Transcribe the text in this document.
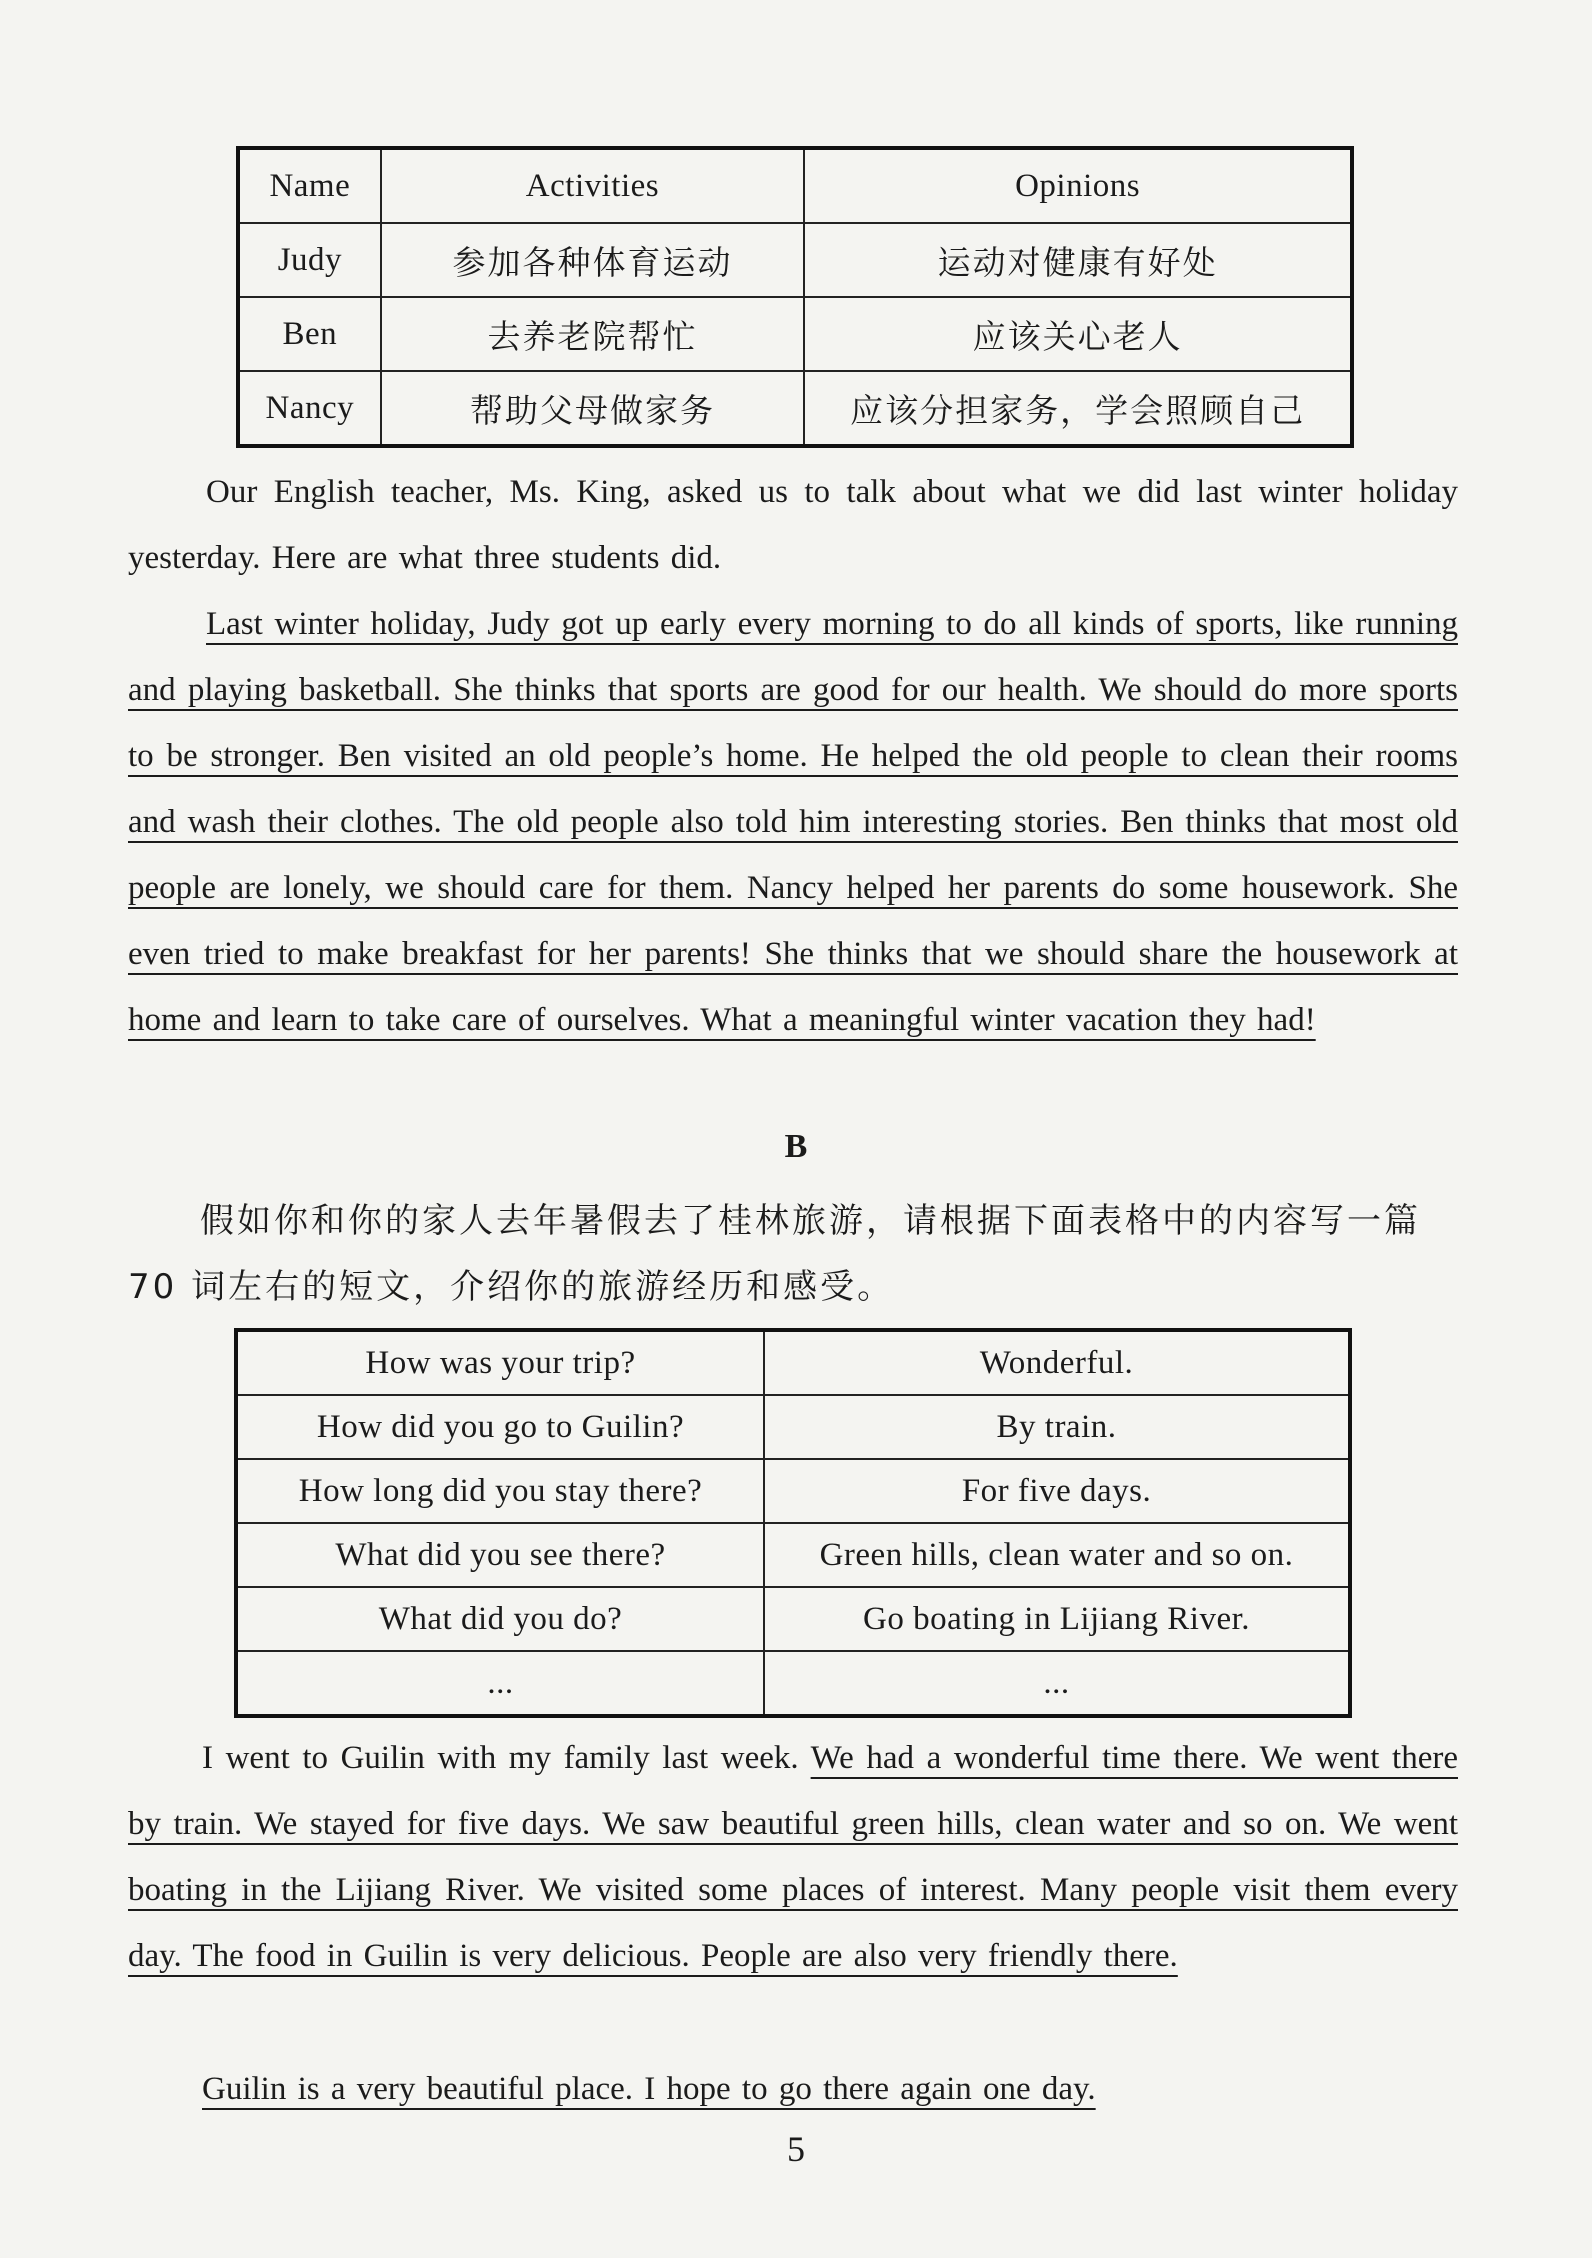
Name	Activities	Opinions
Judy	参加各种体育运动	运动对健康有好处
Ben	去养老院帮忙	应该关心老人
Nancy	帮助父母做家务	应该分担家务，学会照顾自己

Our English teacher, Ms. King, asked us to talk about what we did last winter holiday yesterday. Here are what three students did.

Last winter holiday, Judy got up early every morning to do all kinds of sports, like running and playing basketball. She thinks that sports are good for our health. We should do more sports to be stronger. Ben visited an old people’s home. He helped the old people to clean their rooms and wash their clothes. The old people also told him interesting stories. Ben thinks that most old people are lonely, we should care for them. Nancy helped her parents do some housework. She even tried to make breakfast for her parents! She thinks that we should share the housework at home and learn to take care of ourselves. What a meaningful winter vacation they had!

B

假如你和你的家人去年暑假去了桂林旅游，请根据下面表格中的内容写一篇 70 词左右的短文，介绍你的旅游经历和感受。

How was your trip?	Wonderful.
How did you go to Guilin?	By train.
How long did you stay there?	For five days.
What did you see there?	Green hills, clean water and so on.
What did you do?	Go boating in Lijiang River.
...	...

I went to Guilin with my family last week. We had a wonderful time there. We went there by train. We stayed for five days. We saw beautiful green hills, clean water and so on. We went boating in the Lijiang River. We visited some places of interest. Many people visit them every day. The food in Guilin is very delicious. People are also very friendly there.

Guilin is a very beautiful place. I hope to go there again one day.

5
